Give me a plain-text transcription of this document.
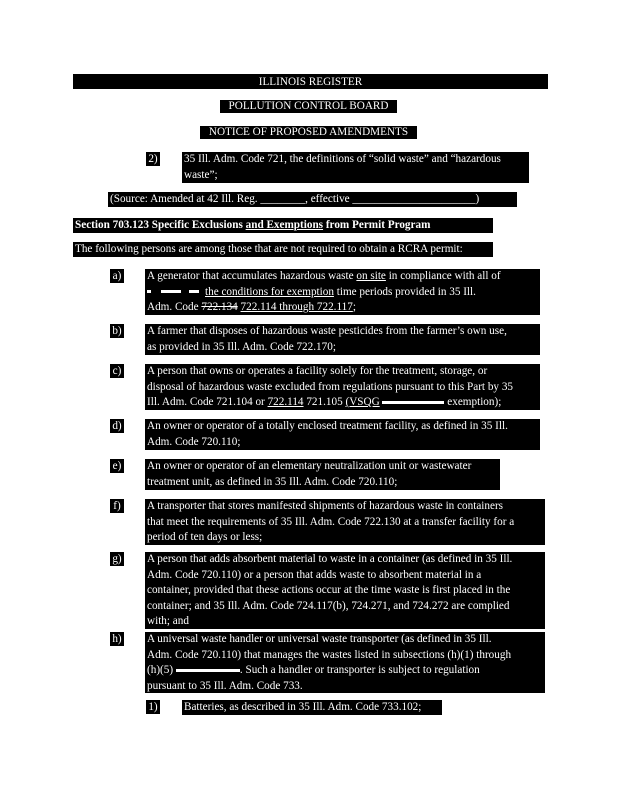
ILLINOIS REGISTER
POLLUTION CONTROL BOARD
NOTICE OF PROPOSED AMENDMENTS
2) 35 Ill. Adm. Code 721, the definitions of “solid waste” and “hazardous
waste”;
(Source: Amended at 42 Ill. Reg. ________, effective ______________________)
Section 703.123 Specific Exclusions and Exemptions from Permit Program
The following persons are among those that are not required to obtain a RCRA permit:
a) A generator that accumulates hazardous waste on site in compliance with all of
the conditions for exemption time periods provided in 35 Ill.
Adm. Code 722.134 722.114 through 722.117;
b) A farmer that disposes of hazardous waste pesticides from the farmer’s own use,
as provided in 35 Ill. Adm. Code 722.170;
c) A person that owns or operates a facility solely for the treatment, storage, or
disposal of hazardous waste excluded from regulations pursuant to this Part by 35
Ill. Adm. Code 721.104 or 722.114 721.105 (VSQG	exemption);
d) An owner or operator of a totally enclosed treatment facility, as defined in 35 Ill.
Adm. Code 720.110;
e) An owner or operator of an elementary neutralization unit or wastewater
treatment unit, as defined in 35 Ill. Adm. Code 720.110;
f) A transporter that stores manifested shipments of hazardous waste in containers
that meet the requirements of 35 Ill. Adm. Code 722.130 at a transfer facility for a
period of ten days or less;
g) A person that adds absorbent material to waste in a container (as defined in 35 Ill.
Adm. Code 720.110) or a person that adds waste to absorbent material in a
container, provided that these actions occur at the time waste is first placed in the
container; and 35 Ill. Adm. Code 724.117(b), 724.271, and 724.272 are complied
with; and
h) A universal waste handler or universal waste transporter (as defined in 35 Ill.
Adm. Code 720.110) that manages the wastes listed in subsections (h)(1) through
(h)(5)	. Such a handler or transporter is subject to regulation
pursuant to 35 Ill. Adm. Code 733.
1) Batteries, as described in 35 Ill. Adm. Code 733.102;
